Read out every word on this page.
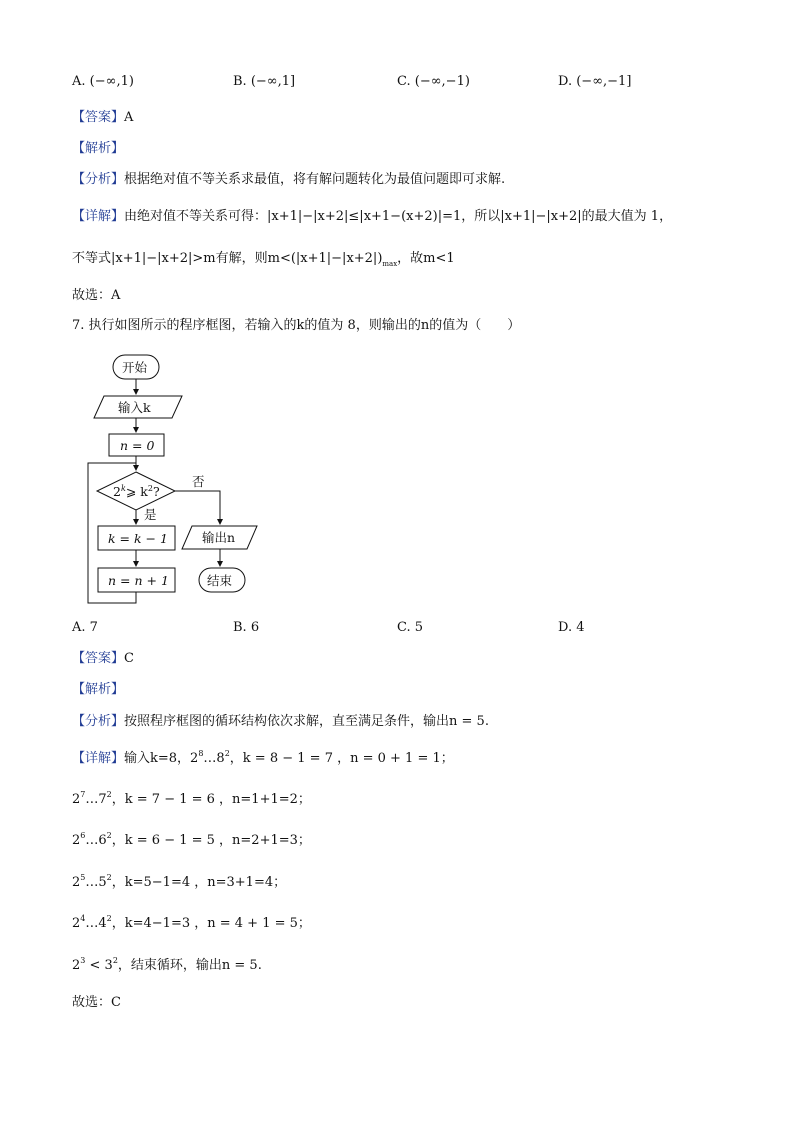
A. (−∞,1)	B. (−∞,1]	C. (−∞,−1)	D. (−∞,−1]
【答案】A
【解析】
【分析】根据绝对值不等关系求最值，将有解问题转化为最值问题即可求解.
【详解】由绝对值不等关系可得：|x+1|−|x+2|≤|x+1−(x+2)|=1，所以|x+1|−|x+2|的最大值为 1，
不等式|x+1|−|x+2|>m有解，则$m<(|x+1|-|x+2|)_{max}$，故m<1
故选：A
7. 执行如图所示的程序框图，若输入的k的值为 8，则输出的n的值为（　　）
开始
输入k
n = 0
2$^k$⩾ $k^2$?
否
是
k = k − 1
n = n + 1
输出n
结束
A. 7	B. 6	C. 5	D. 4
【答案】C
【解析】
【分析】按照程序框图的循环结构依次求解，直至满足条件，输出n = 5.
【详解】输入k=8，$2^8\dots 8^2$，k = 8 − 1 = 7 ，n = 0 + 1 = 1；
$2^7\dots 7^2$，k = 7 − 1 = 6 ，n=1+1=2；
$2^6\dots 6^2$，k = 6 − 1 = 5 ，n=2+1=3；
$2^5\dots 5^2$，k=5−1=4 ，n=3+1=4；
$2^4\dots 4^2$，k=4−1=3 ，n = 4 + 1 = 5；
$2^3 < 3^2$，结束循环，输出n = 5.
故选：C
